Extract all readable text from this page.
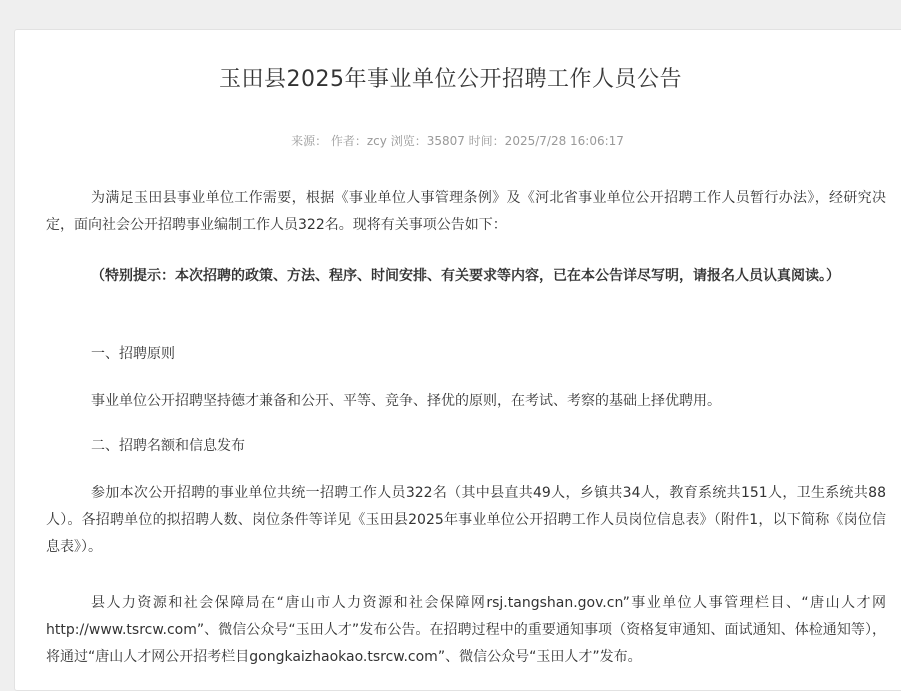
玉田县2025年事业单位公开招聘工作人员公告
来源： 作者：zcy 浏览：35807 时间：2025/7/28 16:06:17

为满足玉田县事业单位工作需要，根据《事业单位人事管理条例》及《河北省事业单位公开招聘工作人员暂行办法》，经研究决定，面向社会公开招聘事业编制工作人员322名。现将有关事项公告如下：

（特别提示：本次招聘的政策、方法、程序、时间安排、有关要求等内容，已在本公告详尽写明，请报名人员认真阅读。）

一、招聘原则

事业单位公开招聘坚持德才兼备和公开、平等、竞争、择优的原则，在考试、考察的基础上择优聘用。

二、招聘名额和信息发布

参加本次公开招聘的事业单位共统一招聘工作人员322名（其中县直共49人，乡镇共34人，教育系统共151人，卫生系统共88人）。各招聘单位的拟招聘人数、岗位条件等详见《玉田县2025年事业单位公开招聘工作人员岗位信息表》（附件1，以下简称《岗位信息表》）。

县人力资源和社会保障局在“唐山市人力资源和社会保障网rsj.tangshan.gov.cn”事业单位人事管理栏目、“唐山人才网http://www.tsrcw.com”、微信公众号“玉田人才”发布公告。在招聘过程中的重要通知事项（资格复审通知、面试通知、体检通知等），将通过“唐山人才网公开招考栏目gongkaizhaokao.tsrcw.com”、微信公众号“玉田人才”发布。
